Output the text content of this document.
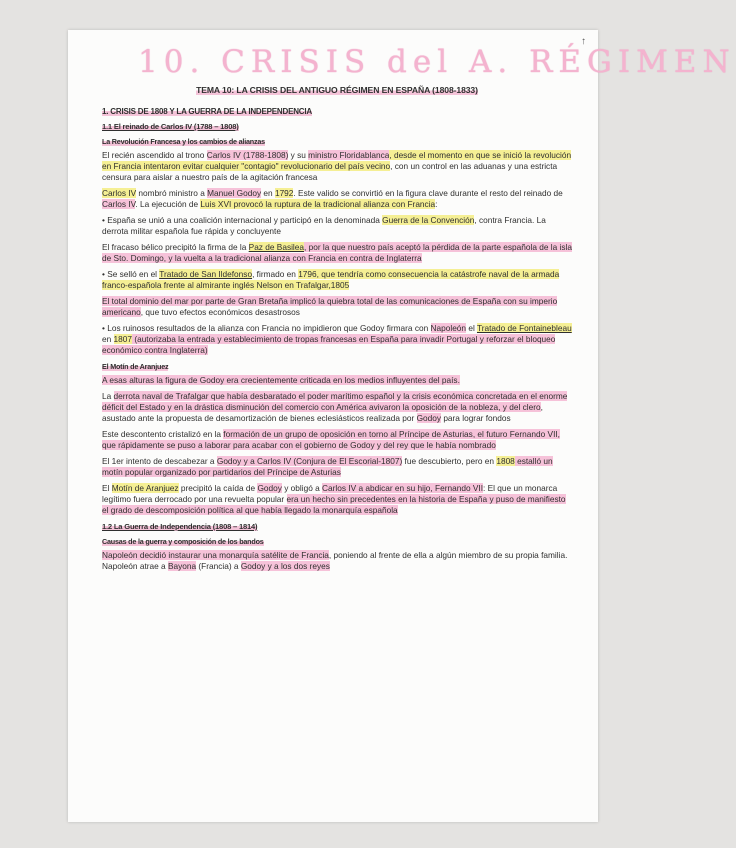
↑
10. CRISIS del A. RÉGIMEN
TEMA 10: LA CRISIS DEL ANTIGUO RÉGIMEN EN ESPAÑA (1808-1833)
1. CRISIS DE 1808 Y LA GUERRA DE LA INDEPENDENCIA
1.1 El reinado de Carlos IV (1788 – 1808)
La Revolución Francesa y los cambios de alianzas
El recién ascendido al trono Carlos IV (1788-1808) y su ministro Floridablanca, desde el momento en que se inició la revolución en Francia intentaron evitar cualquier "contagio" revolucionario del país vecino, con un control en las aduanas y una estricta censura para aislar a nuestro país de la agitación francesa
Carlos IV nombró ministro a Manuel Godoy en 1792. Este valido se convirtió en la figura clave durante el resto del reinado de Carlos IV. La ejecución de Luis XVI provocó la ruptura de la tradicional alianza con Francia:
• España se unió a una coalición internacional y participó en la denominada Guerra de la Convención, contra Francia. La derrota militar española fue rápida y concluyente
El fracaso bélico precipitó la firma de la Paz de Basilea, por la que nuestro país aceptó la pérdida de la parte española de la isla de Sto. Domingo, y la vuelta a la tradicional alianza con Francia en contra de Inglaterra
• Se selló en el Tratado de San Ildefonso, firmado en 1796, que tendría como consecuencia la catástrofe naval de la armada franco-española frente al almirante inglés Nelson en Trafalgar,1805
El total dominio del mar por parte de Gran Bretaña implicó la quiebra total de las comunicaciones de España con su imperio americano, que tuvo efectos económicos desastrosos
• Los ruinosos resultados de la alianza con Francia no impidieron que Godoy firmara con Napoleón el Tratado de Fontainebleau en 1807 (autorizaba la entrada y establecimiento de tropas francesas en España para invadir Portugal y reforzar el bloqueo económico contra Inglaterra)
El Motín de Aranjuez
A esas alturas la figura de Godoy era crecientemente criticada en los medios influyentes del país.
La derrota naval de Trafalgar que había desbaratado el poder marítimo español y la crisis económica concretada en el enorme déficit del Estado y en la drástica disminución del comercio con América avivaron la oposición de la nobleza, y del clero, asustado ante la propuesta de desamortización de bienes eclesiásticos realizada por Godoy para lograr fondos
Este descontento cristalizó en la formación de un grupo de oposición en torno al Príncipe de Asturias, el futuro Fernando VII, que rápidamente se puso a laborar para acabar con el gobierno de Godoy y del rey que le había nombrado
El 1er intento de descabezar a Godoy y a Carlos IV (Conjura de El Escorial-1807) fue descubierto, pero en 1808 estalló un motín popular organizado por partidarios del Príncipe de Asturias
El Motín de Aranjuez precipitó la caída de Godoy y obligó a Carlos IV a abdicar en su hijo, Fernando VII: El que un monarca legítimo fuera derrocado por una revuelta popular era un hecho sin precedentes en la historia de España y puso de manifiesto el grado de descomposición política al que había llegado la monarquía española
1.2 La Guerra de Independencia (1808 – 1814)
Causas de la guerra y composición de los bandos
Napoleón decidió instaurar una monarquía satélite de Francia, poniendo al frente de ella a algún miembro de su propia familia. Napoleón atrae a Bayona (Francia) a Godoy y a los dos reyes
